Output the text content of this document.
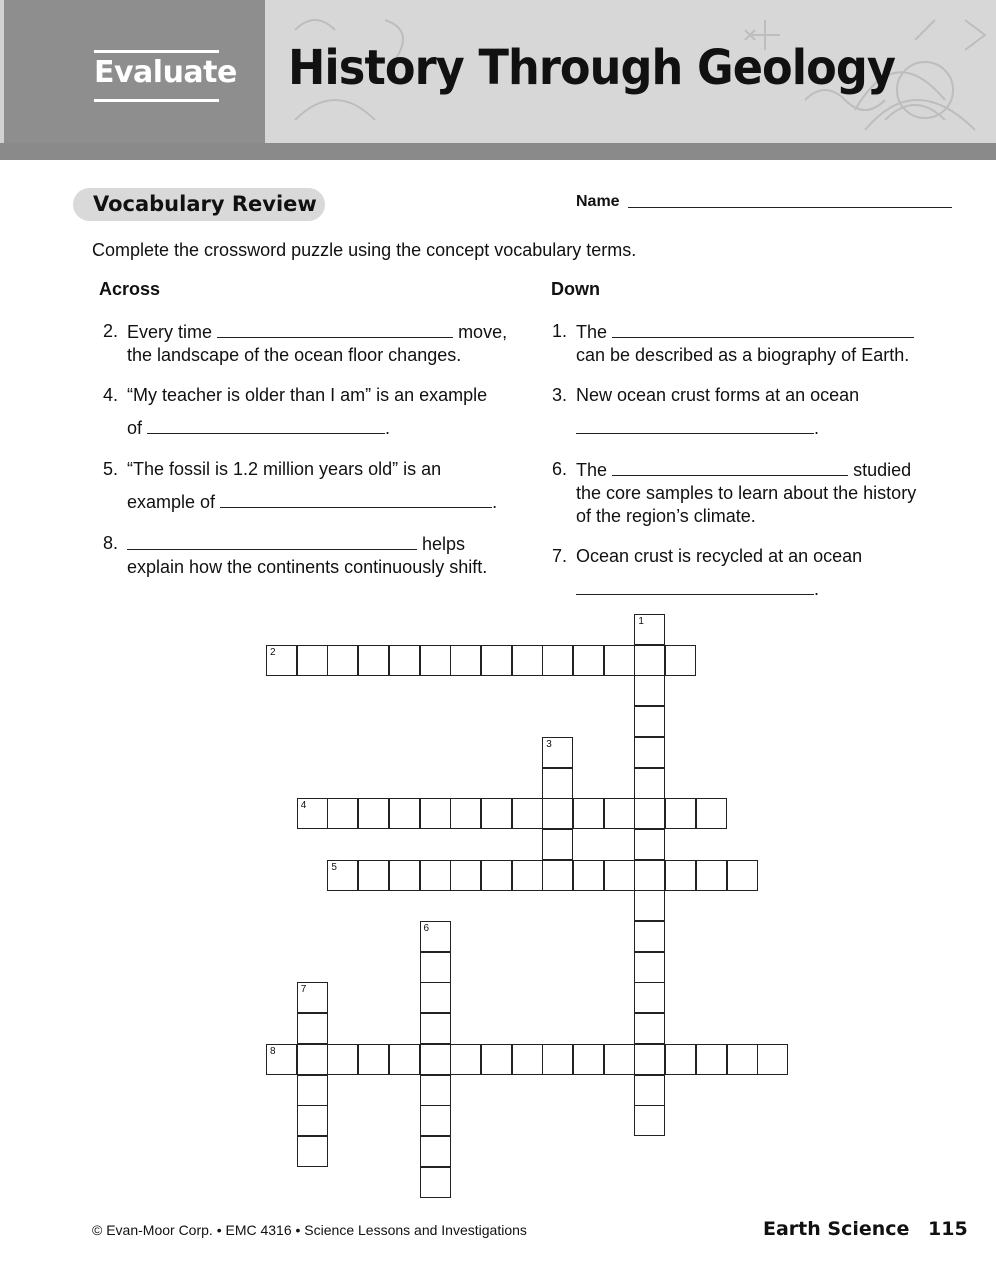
Evaluate History Through Geology
Vocabulary Review	Name
Complete the crossword puzzle using the concept vocabulary terms.
Across	Down
2. Every time	move,
the landscape of the ocean floor changes.
4. “My teacher is older than I am” is an example
of	.
5. “The fossil is 1.2 million years old” is an
example of	.
8.	helps
explain how the continents continuously shift.
1. The
can be described as a biography of Earth.
3. New ocean crust forms at an ocean
.
6. The	studied
the core samples to learn about the history
of the region’s climate.
7. Ocean crust is recycled at an ocean
.
1
2
3
4
5
6
7
8
© Evan-Moor Corp. • EMC 4316 • Science Lessons and Investigations	Earth Science 115
